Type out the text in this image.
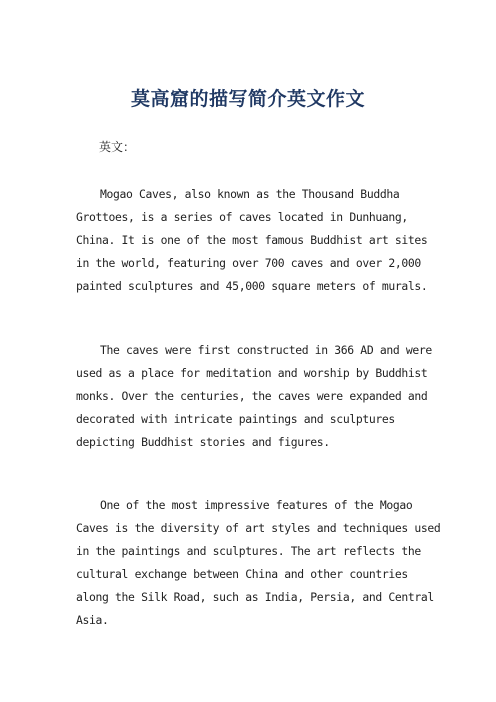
莫高窟的描写简介英文作文
英文：

Mogao Caves, also known as the Thousand Buddha Grottoes, is a series of caves located in Dunhuang, China. It is one of the most famous Buddhist art sites in the world, featuring over 700 caves and over 2,000 painted sculptures and 45,000 square meters of murals.

The caves were first constructed in 366 AD and were used as a place for meditation and worship by Buddhist monks. Over the centuries, the caves were expanded and decorated with intricate paintings and sculptures depicting Buddhist stories and figures.

One of the most impressive features of the Mogao Caves is the diversity of art styles and techniques used in the paintings and sculptures. The art reflects the cultural exchange between China and other countries along the Silk Road, such as India, Persia, and Central Asia.
